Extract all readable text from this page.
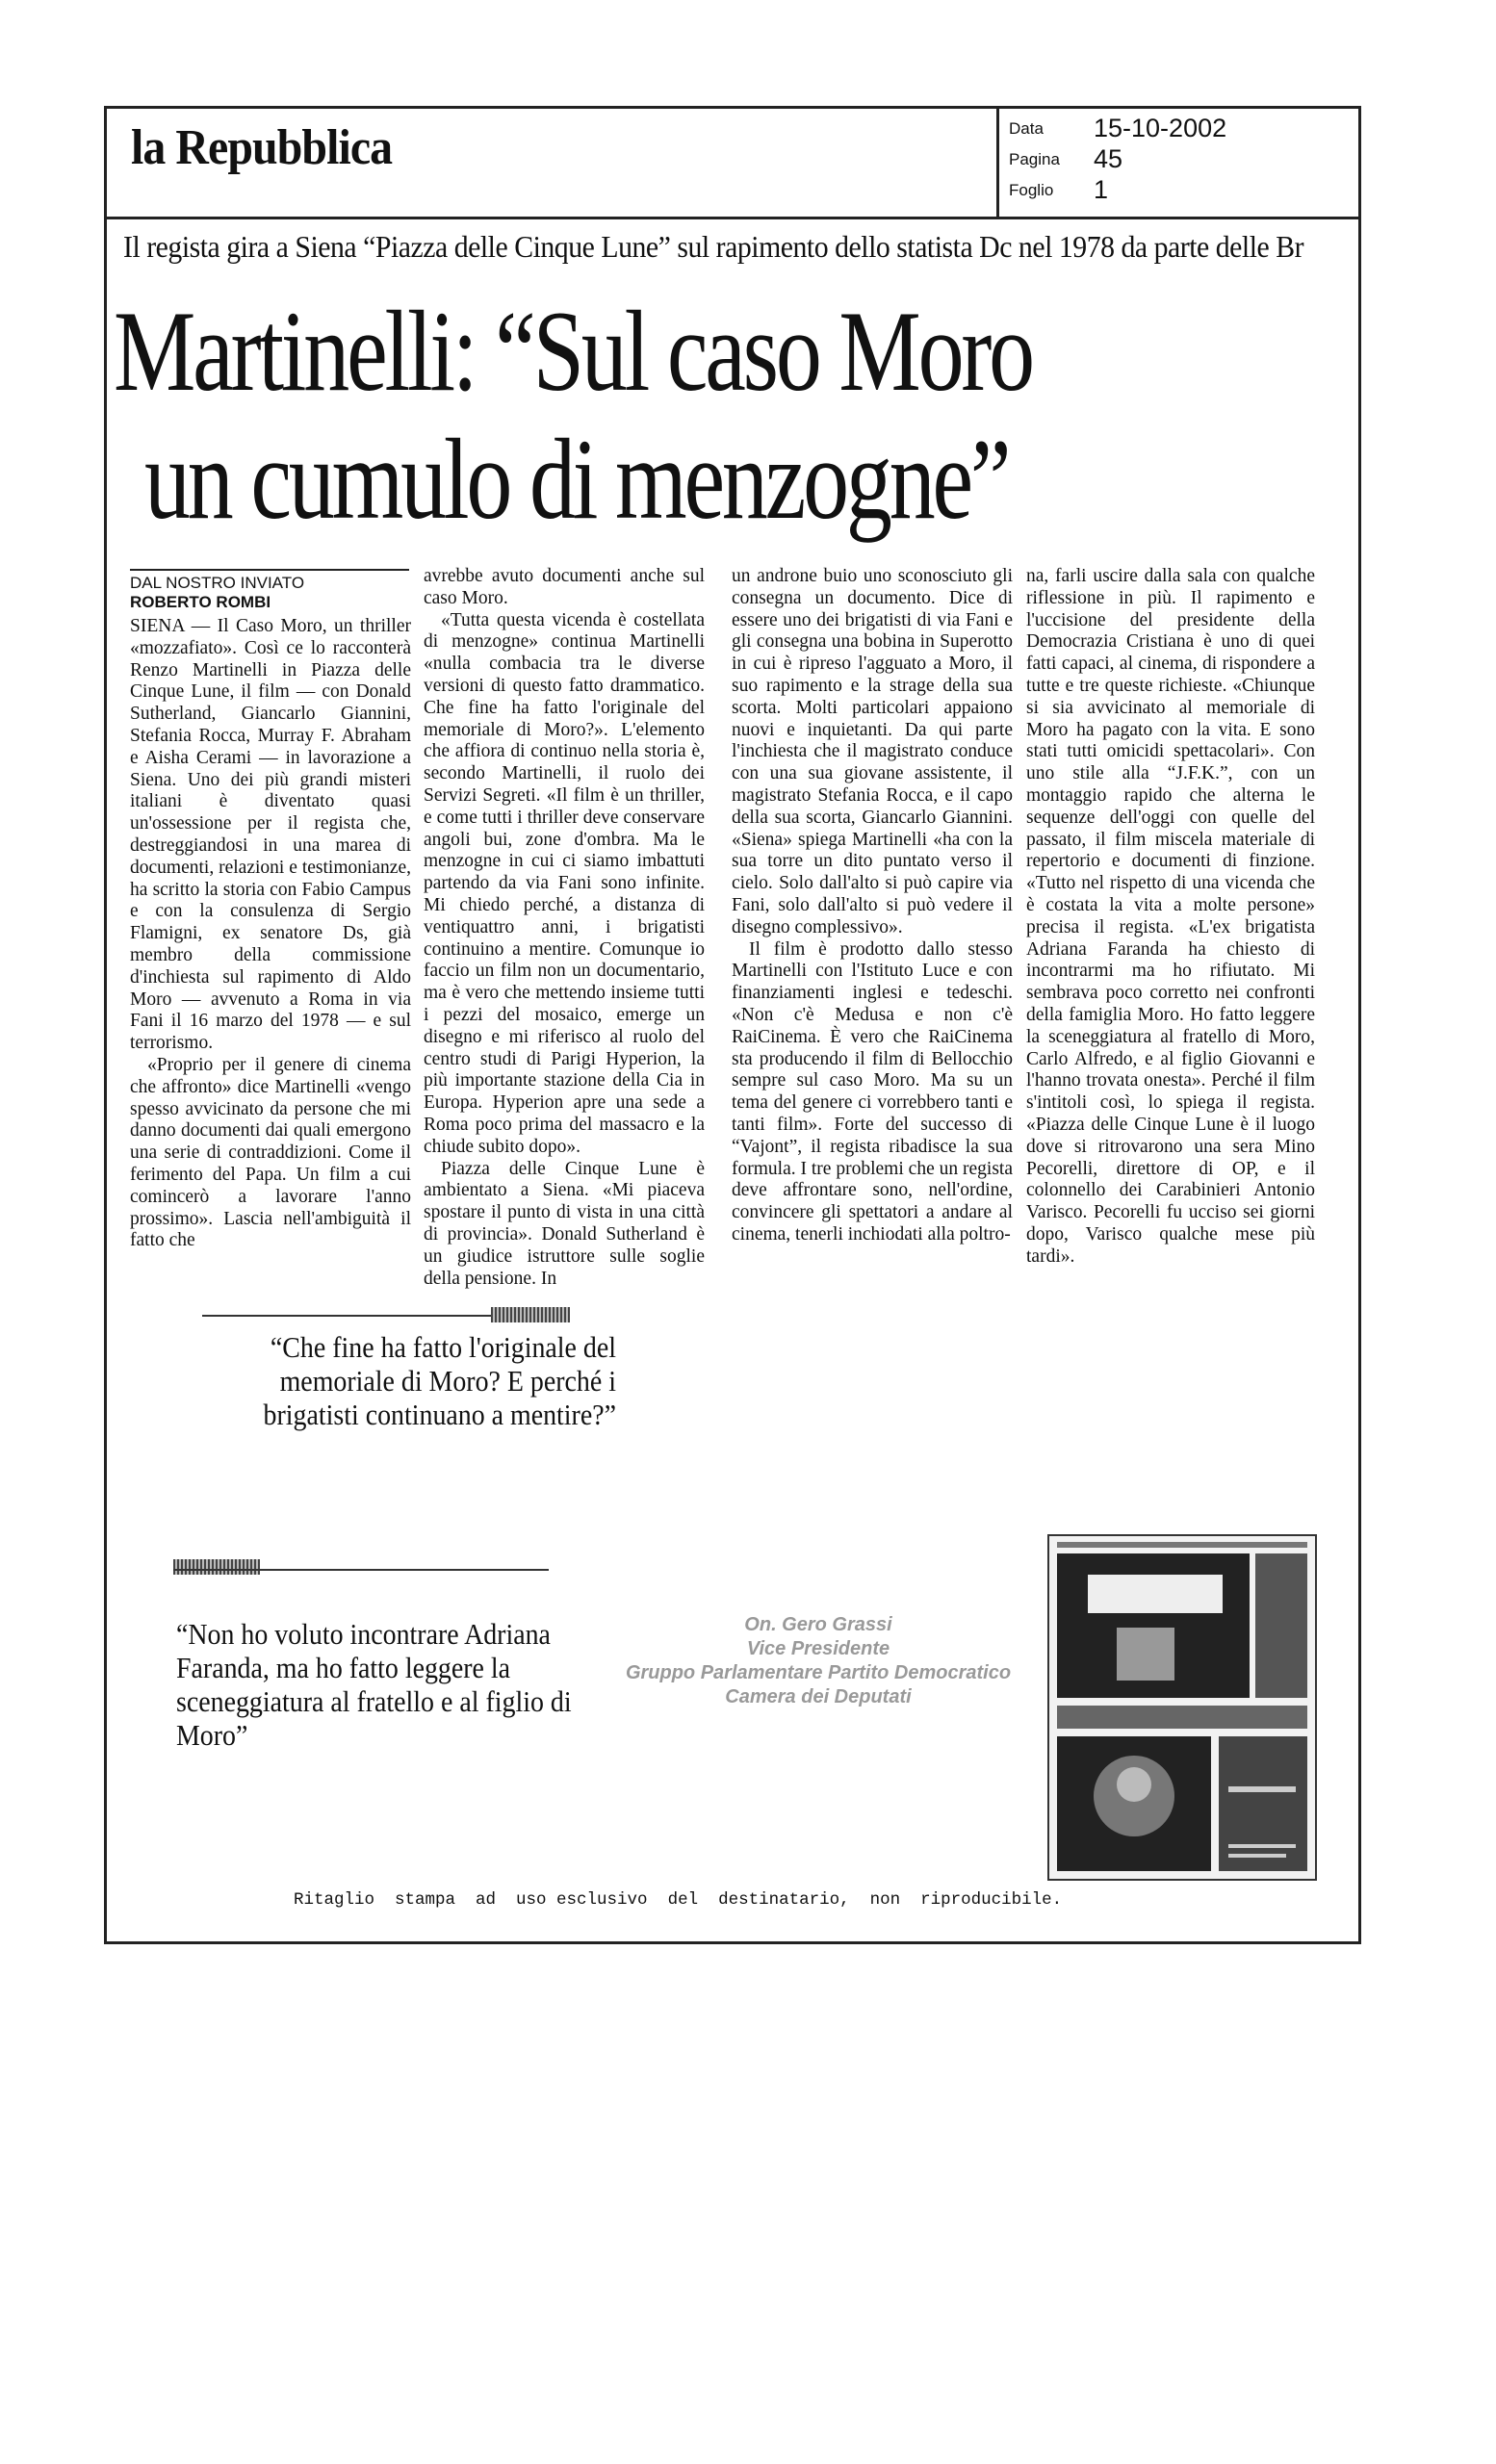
la Repubblica	Data 15-10-2002
Pagina 45
Foglio 1
Il regista gira a Siena “Piazza delle Cinque Lune” sul rapimento dello statista Dc nel 1978 da parte delle Br
Martinelli: “Sul caso Moro
un cumulo di menzogne”
DAL NOSTRO INVIATO
ROBERTO ROMBI

SIENA — Il Caso Moro, un thriller «mozzafiato». Così ce lo racconterà Renzo Martinelli in Piazza delle Cinque Lune, il film — con Donald Sutherland, Giancarlo Giannini, Stefania Rocca, Murray F. Abraham e Aisha Cerami — in lavorazione a Siena. Uno dei più grandi misteri italiani è diventato quasi un'ossessione per il regista che, destreggiandosi in una marea di documenti, relazioni e testimonianze, ha scritto la storia con Fabio Campus e con la consulenza di Sergio Flamigni, ex senatore Ds, già membro della commissione d'inchiesta sul rapimento di Aldo Moro — avvenuto a Roma in via Fani il 16 marzo del 1978 — e sul terrorismo.

«Proprio per il genere di cinema che affronto» dice Martinelli «vengo spesso avvicinato da persone che mi danno documenti dai quali emergono una serie di contraddizioni. Come il ferimento del Papa. Un film a cui comincerò a lavorare l'anno prossimo». Lascia nell'ambiguità il fatto che

avrebbe avuto documenti anche sul caso Moro.

«Tutta questa vicenda è costellata di menzogne» continua Martinelli «nulla combacia tra le diverse versioni di questo fatto drammatico. Che fine ha fatto l'originale del memoriale di Moro?». L'elemento che affiora di continuo nella storia è, secondo Martinelli, il ruolo dei Servizi Segreti. «Il film è un thriller, e come tutti i thriller deve conservare angoli bui, zone d'ombra. Ma le menzogne in cui ci siamo imbattuti partendo da via Fani sono infinite. Mi chiedo perché, a distanza di ventiquattro anni, i brigatisti continuino a mentire. Comunque io faccio un film non un documentario, ma è vero che mettendo insieme tutti i pezzi del mosaico, emerge un disegno e mi riferisco al ruolo del centro studi di Parigi Hyperion, la più importante stazione della Cia in Europa. Hyperion apre una sede a Roma poco prima del massacro e la chiude subito dopo».

Piazza delle Cinque Lune è ambientato a Siena. «Mi piaceva spostare il punto di vista in una città di provincia». Donald Sutherland è un giudice istruttore sulle soglie della pensione. In

un androne buio uno sconosciuto gli consegna un documento. Dice di essere uno dei brigatisti di via Fani e gli consegna una bobina in Superotto in cui è ripreso l'agguato a Moro, il suo rapimento e la strage della sua scorta. Molti particolari appaiono nuovi e inquietanti. Da qui parte l'inchiesta che il magistrato conduce con una sua giovane assistente, il magistrato Stefania Rocca, e il capo della sua scorta, Giancarlo Giannini. «Siena» spiega Martinelli «ha con la sua torre un dito puntato verso il cielo. Solo dall'alto si può capire via Fani, solo dall'alto si può vedere il disegno complessivo».

Il film è prodotto dallo stesso Martinelli con l'Istituto Luce e con finanziamenti inglesi e tedeschi. «Non c'è Medusa e non c'è RaiCinema. È vero che RaiCinema sta producendo il film di Bellocchio sempre sul caso Moro. Ma su un tema del genere ci vorrebbero tanti e tanti film». Forte del successo di “Vajont”, il regista ribadisce la sua formula. I tre problemi che un regista deve affrontare sono, nell'ordine, convincere gli spettatori a andare al cinema, tenerli inchiodati alla poltro-

na, farli uscire dalla sala con qualche riflessione in più. Il rapimento e l'uccisione del presidente della Democrazia Cristiana è uno di quei fatti capaci, al cinema, di rispondere a tutte e tre queste richieste. «Chiunque si sia avvicinato al memoriale di Moro ha pagato con la vita. E sono stati tutti omicidi spettacolari». Con uno stile alla “J.F.K.”, con un montaggio rapido che alterna le sequenze dell'oggi con quelle del passato, il film miscela materiale di repertorio e documenti di finzione. «Tutto nel rispetto di una vicenda che è costata la vita a molte persone» precisa il regista. «L'ex brigatista Adriana Faranda ha chiesto di incontrarmi ma ho rifiutato. Mi sembrava poco corretto nei confronti della famiglia Moro. Ho fatto leggere la sceneggiatura al fratello di Moro, Carlo Alfredo, e al figlio Giovanni e l'hanno trovata onesta». Perché il film s'intitoli così, lo spiega il regista. «Piazza delle Cinque Lune è il luogo dove si ritrovarono una sera Mino Pecorelli, direttore di OP, e il colonnello dei Carabinieri Antonio Varisco. Pecorelli fu ucciso sei giorni dopo, Varisco qualche mese più tardi».

“Che fine ha fatto l'originale del memoriale di Moro? E perché i brigatisti continuano a mentire?”
“Non ho voluto incontrare Adriana Faranda, ma ho fatto leggere la sceneggiatura al fratello e al figlio di Moro”
On. Gero Grassi
Vice Presidente
Gruppo Parlamentare Partito Democratico
Camera dei Deputati
Ritaglio  stampa  ad  uso esclusivo  del  destinatario,  non  riproducibile.
